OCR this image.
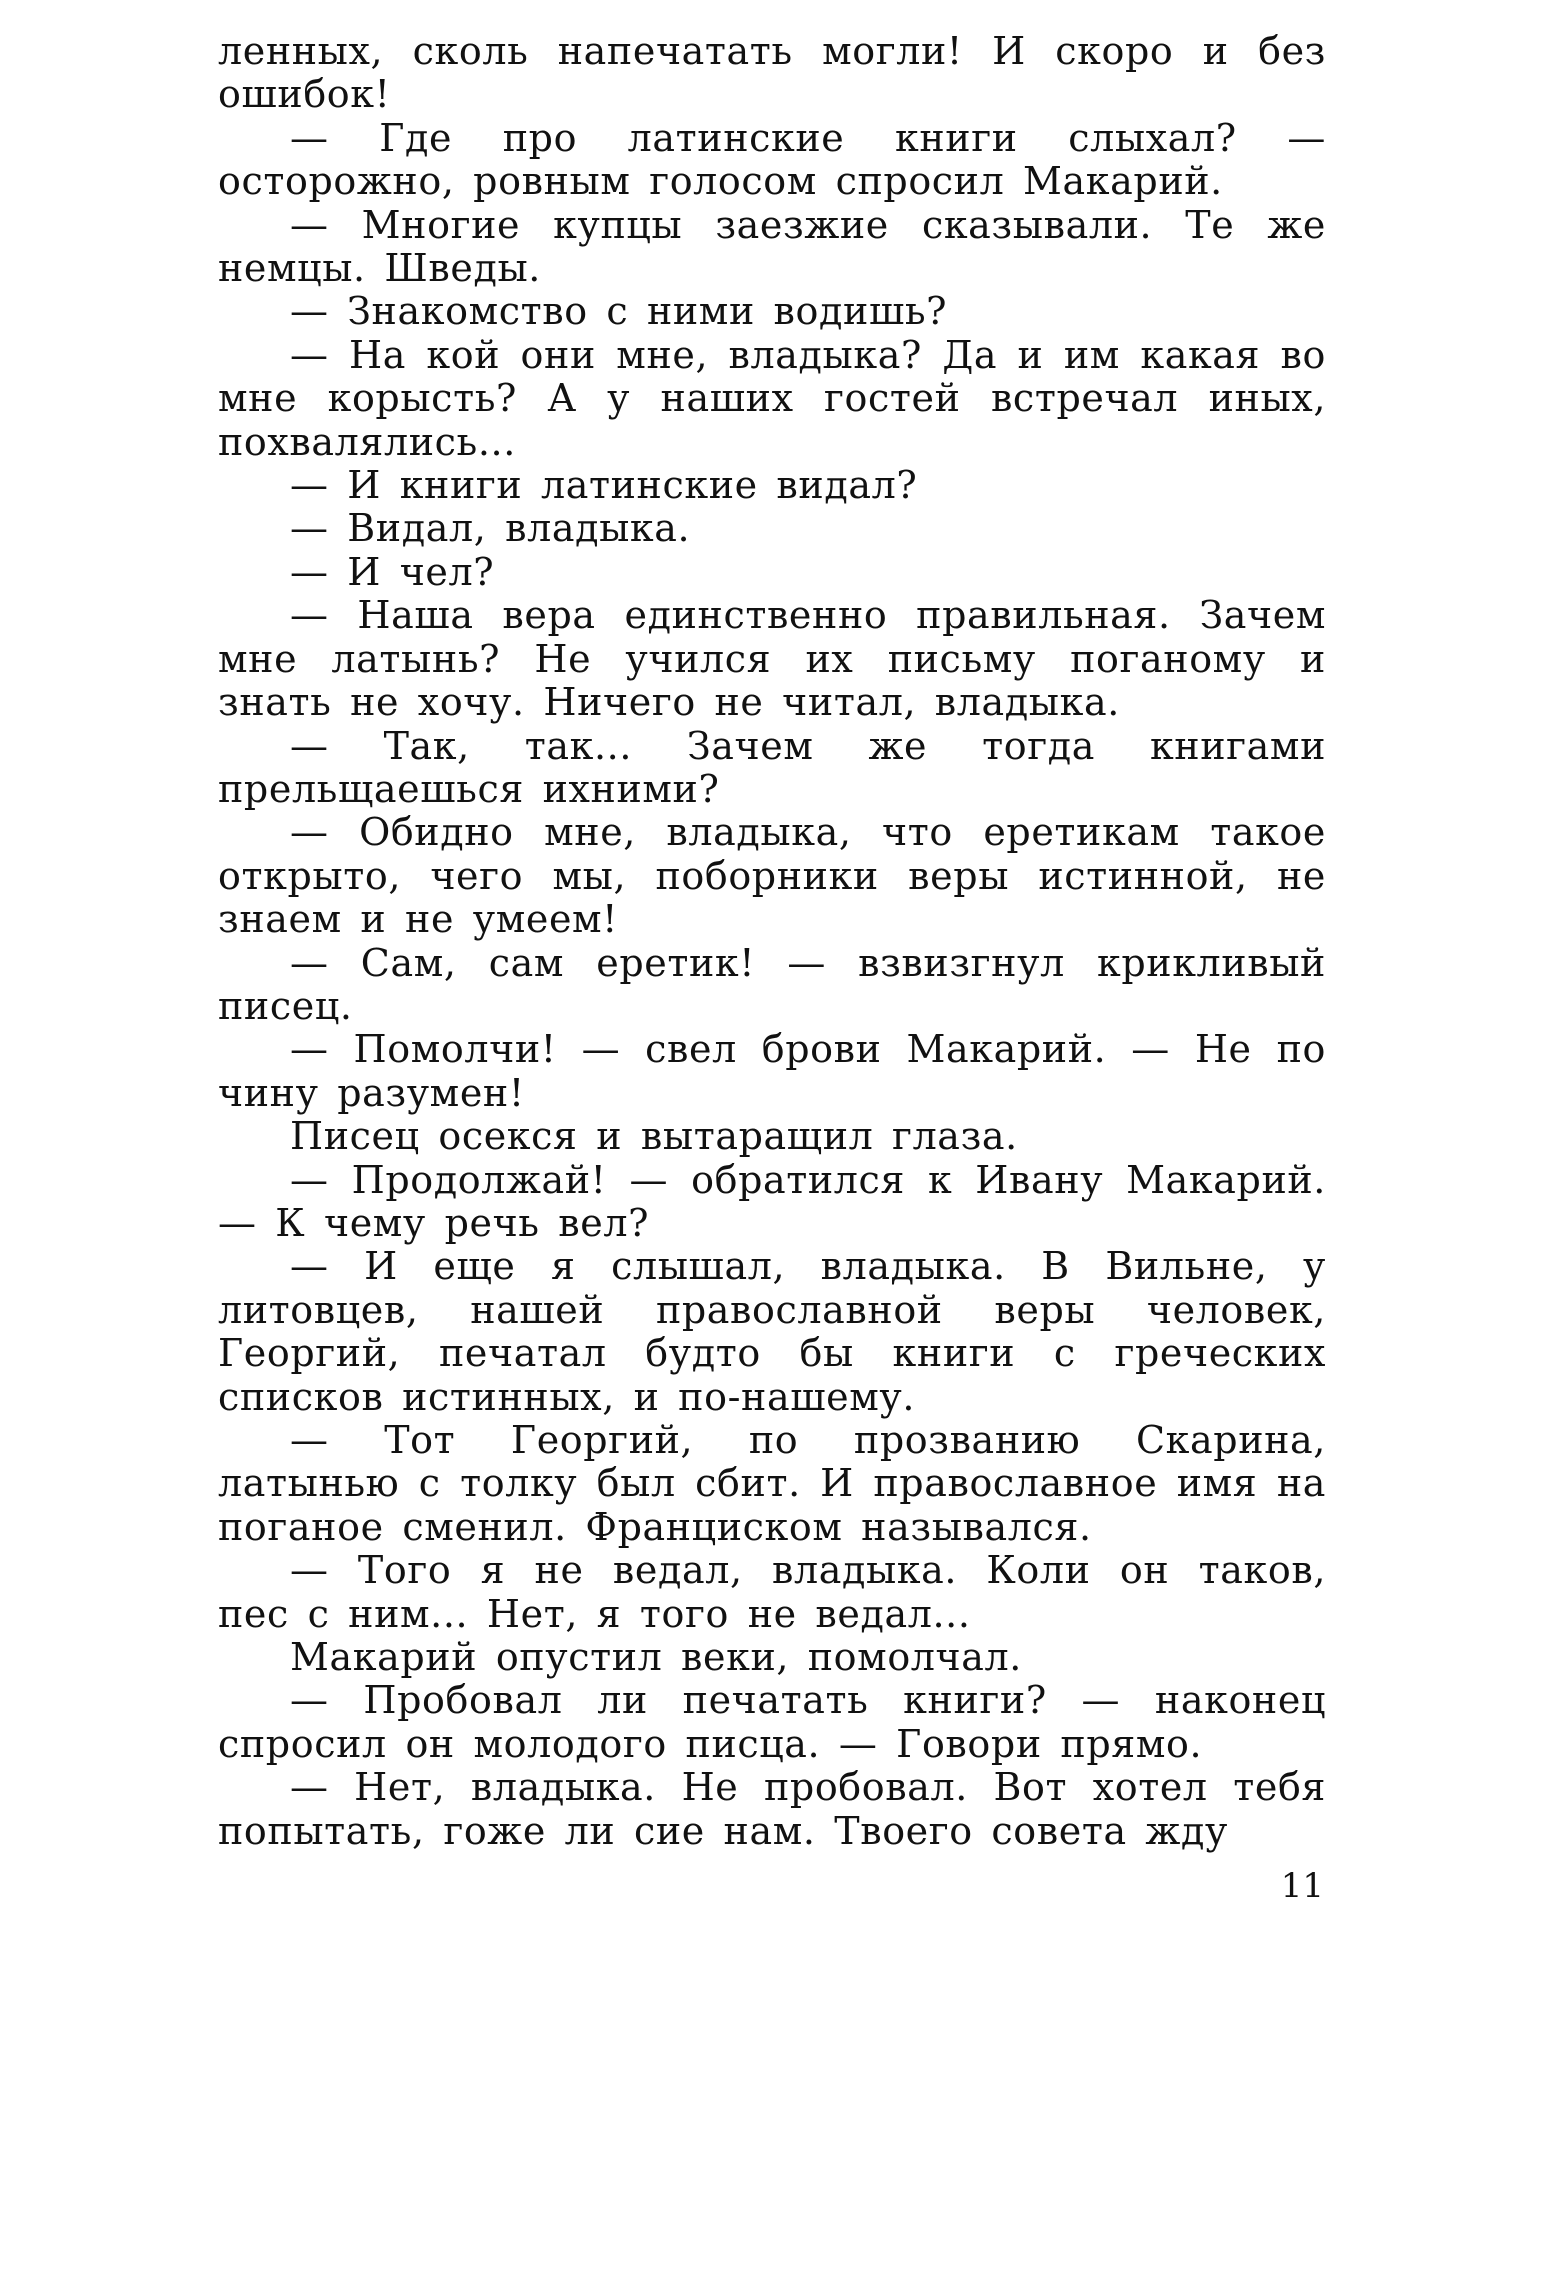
ленных, сколь напечатать могли! И скоро и без ошибок!

— Где про латинские книги слыхал? — осторожно, ровным голосом спросил Макарий.

— Многие купцы заезжие сказывали. Те же немцы. Шведы.

— Знакомство с ними водишь?

— На кой они мне, владыка? Да и им какая во мне корысть? А у наших гостей встречал иных, похвалялись...

— И книги латинские видал?

— Видал, владыка.

— И чел?

— Наша вера единственно правильная. Зачем мне латынь? Не учился их письму поганому и знать не хочу. Ничего не читал, владыка.

— Так, так... Зачем же тогда книгами прельщаешься ихними?

— Обидно мне, владыка, что еретикам такое открыто, чего мы, поборники веры истинной, не знаем и не умеем!

— Сам, сам еретик! — взвизгнул крикливый писец.

— Помолчи! — свел брови Макарий. — Не по чину разумен!

Писец осекся и вытаращил глаза.

— Продолжай! — обратился к Ивану Макарий. — К чему речь вел?

— И еще я слышал, владыка. В Вильне, у литовцев, нашей православной веры человек, Георгий, печатал будто бы книги с греческих списков истинных, и по-нашему.

— Тот Георгий, по прозванию Скарина, латынью с толку был сбит. И православное имя на поганое сменил. Франциском назывался.

— Того я не ведал, владыка. Коли он таков, пес с ним... Нет, я того не ведал...

Макарий опустил веки, помолчал.

— Пробовал ли печатать книги? — наконец спросил он молодого писца. — Говори прямо.

— Нет, владыка. Не пробовал. Вот хотел тебя попытать, гоже ли сие нам. Твоего совета жду

11
